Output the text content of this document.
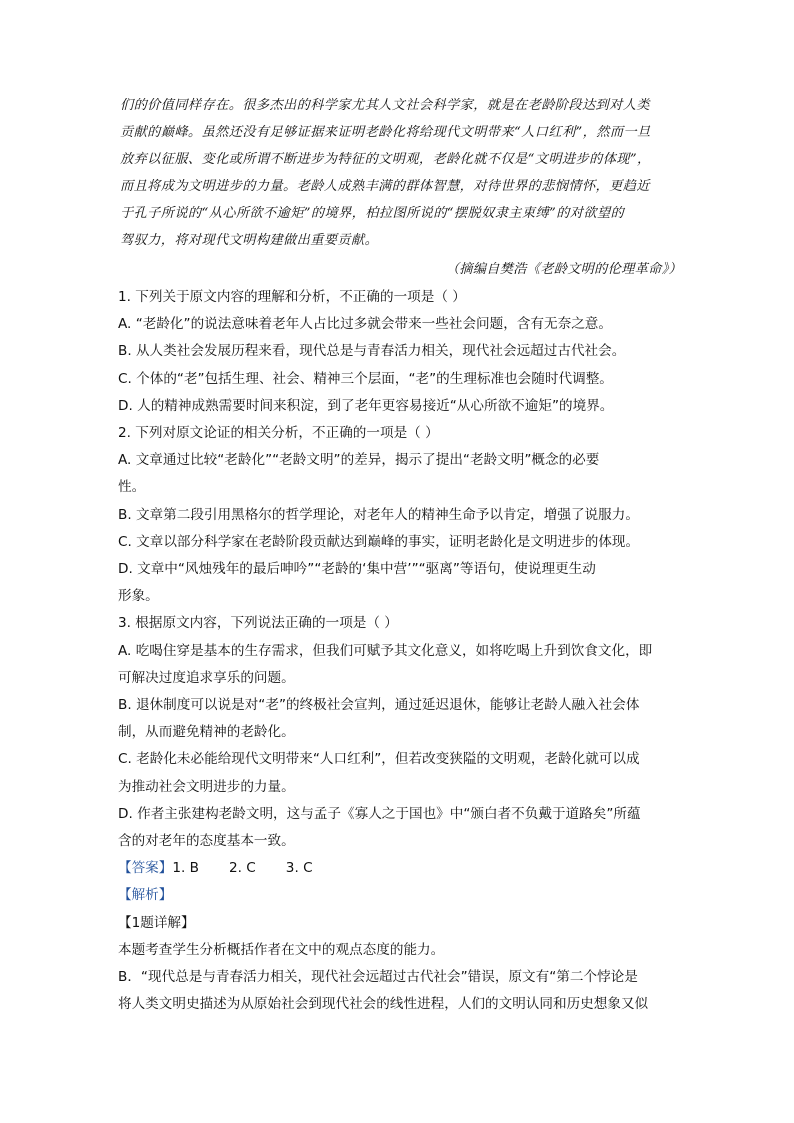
们的价值同样存在。很多杰出的科学家尤其人文社会科学家，就是在老龄阶段达到对人类

贡献的巅峰。虽然还没有足够证据来证明老龄化将给现代文明带来“人口红利”，然而一旦

放弃以征服、变化或所谓不断进步为特征的文明观，老龄化就不仅是“文明进步的体现”，

而且将成为文明进步的力量。老龄人成熟丰满的群体智慧，对待世界的悲悯情怀，更趋近

于孔子所说的“从心所欲不逾矩”的境界，柏拉图所说的“摆脱奴隶主束缚”的对欲望的

驾驭力，将对现代文明构建做出重要贡献。

（摘编自樊浩《老龄文明的伦理革命》）

1. 下列关于原文内容的理解和分析，不正确的一项是（ ）

A. “老龄化”的说法意味着老年人占比过多就会带来一些社会问题，含有无奈之意。

B. 从人类社会发展历程来看，现代总是与青春活力相关，现代社会远超过古代社会。

C. 个体的“老”包括生理、社会、精神三个层面，“老”的生理标准也会随时代调整。

D. 人的精神成熟需要时间来积淀，到了老年更容易接近“从心所欲不逾矩”的境界。

2. 下列对原文论证的相关分析，不正确的一项是（ ）

A. 文章通过比较“老龄化”“老龄文明”的差异，揭示了提出“老龄文明”概念的必要

性。

B. 文章第二段引用黑格尔的哲学理论，对老年人的精神生命予以肯定，增强了说服力。

C. 文章以部分科学家在老龄阶段贡献达到巅峰的事实，证明老龄化是文明进步的体现。

D. 文章中“风烛残年的最后呻吟”“老龄的‘集中营’”“驱离”等语句，使说理更生动

形象。

3. 根据原文内容，下列说法正确的一项是（ ）

A. 吃喝住穿是基本的生存需求，但我们可赋予其文化意义，如将吃喝上升到饮食文化，即

可解决过度追求享乐的问题。

B. 退休制度可以说是对“老”的终极社会宣判，通过延迟退休，能够让老龄人融入社会体

制，从而避免精神的老龄化。

C. 老龄化未必能给现代文明带来“人口红利”，但若改变狭隘的文明观，老龄化就可以成

为推动社会文明进步的力量。

D. 作者主张建构老龄文明，这与孟子《寡人之于国也》中“颁白者不负戴于道路矣”所蕴

含的对老年的态度基本一致。

【答案】1. B 2. C 3. C

【解析】

【1题详解】

本题考查学生分析概括作者在文中的观点态度的能力。

B．“现代总是与青春活力相关，现代社会远超过古代社会”错误，原文有“第二个悖论是

将人类文明史描述为从原始社会到现代社会的线性进程，人们的文明认同和历史想象又似
